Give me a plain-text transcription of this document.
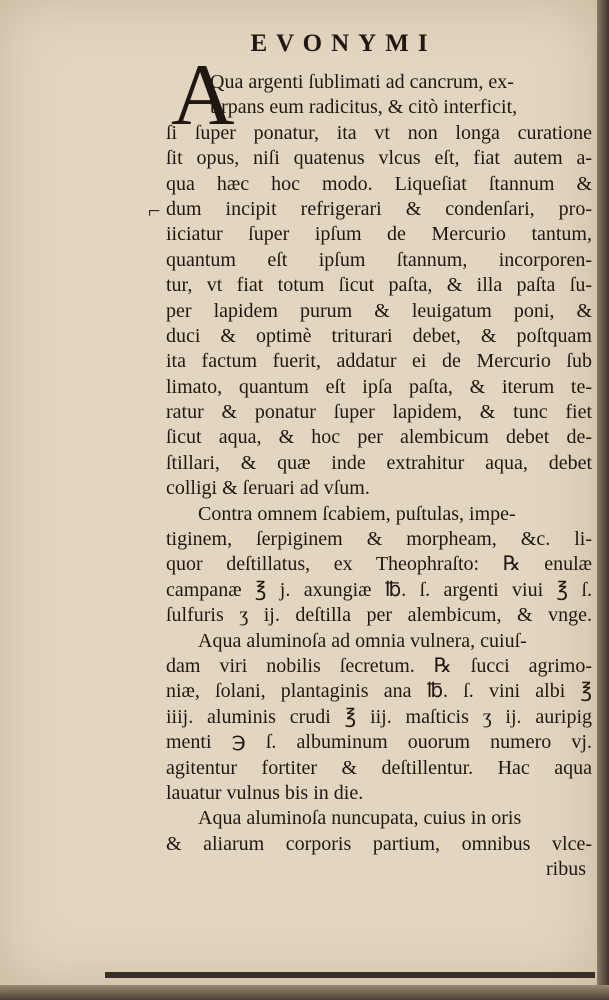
EVONYMI
⌐
A
Qua argenti ſublimati ad cancrum, ex-
tirpans eum radicitus, & citò interficit,
ſi ſuper ponatur, ita vt non longa curatione
ſit opus, niſi quatenus vlcus eſt, fiat autem a-
qua hæc hoc modo. Liqueſiat ſtannum &
dum incipit refrigerari & condenſari, pro-
iiciatur ſuper ipſum de Mercurio tantum,
quantum eſt ipſum ſtannum, incorporen-
tur, vt fiat totum ſicut paſta, & illa paſta ſu-
per lapidem purum & leuigatum poni, &
duci & optimè triturari debet, & poſtquam
ita factum fuerit, addatur ei de Mercurio ſub
limato, quantum eſt ipſa paſta, & iterum te-
ratur & ponatur ſuper lapidem, & tunc fiet
ſicut aqua, & hoc per alembicum debet de-
ſtillari, & quæ inde extrahitur aqua, debet
colligi & ſeruari ad vſum.
Contra omnem ſcabiem, puſtulas, impe-
tiginem, ſerpiginem & morpheam, &c. li-
quor deſtillatus, ex Theophraſto: ℞ enulæ
campanæ ℥ j. axungiæ ℔. ſ. argenti viui ℥ ſ.
ſulfuris ʒ ij. deſtilla per alembicum, & vnge.
Aqua aluminoſa ad omnia vulnera, cuiuſ-
dam viri nobilis ſecretum. ℞ ſucci agrimo-
niæ, ſolani, plantaginis ana ℔. ſ. vini albi ℥
iiij. aluminis crudi ℥ iij. maſticis ʒ ij. auripig
menti ℈ ſ. albuminum ouorum numero vj.
agitentur fortiter & deſtillentur. Hac aqua
lauatur vulnus bis in die.
Aqua aluminoſa nuncupata, cuius in oris
& aliarum corporis partium, omnibus vlce-
ribus
